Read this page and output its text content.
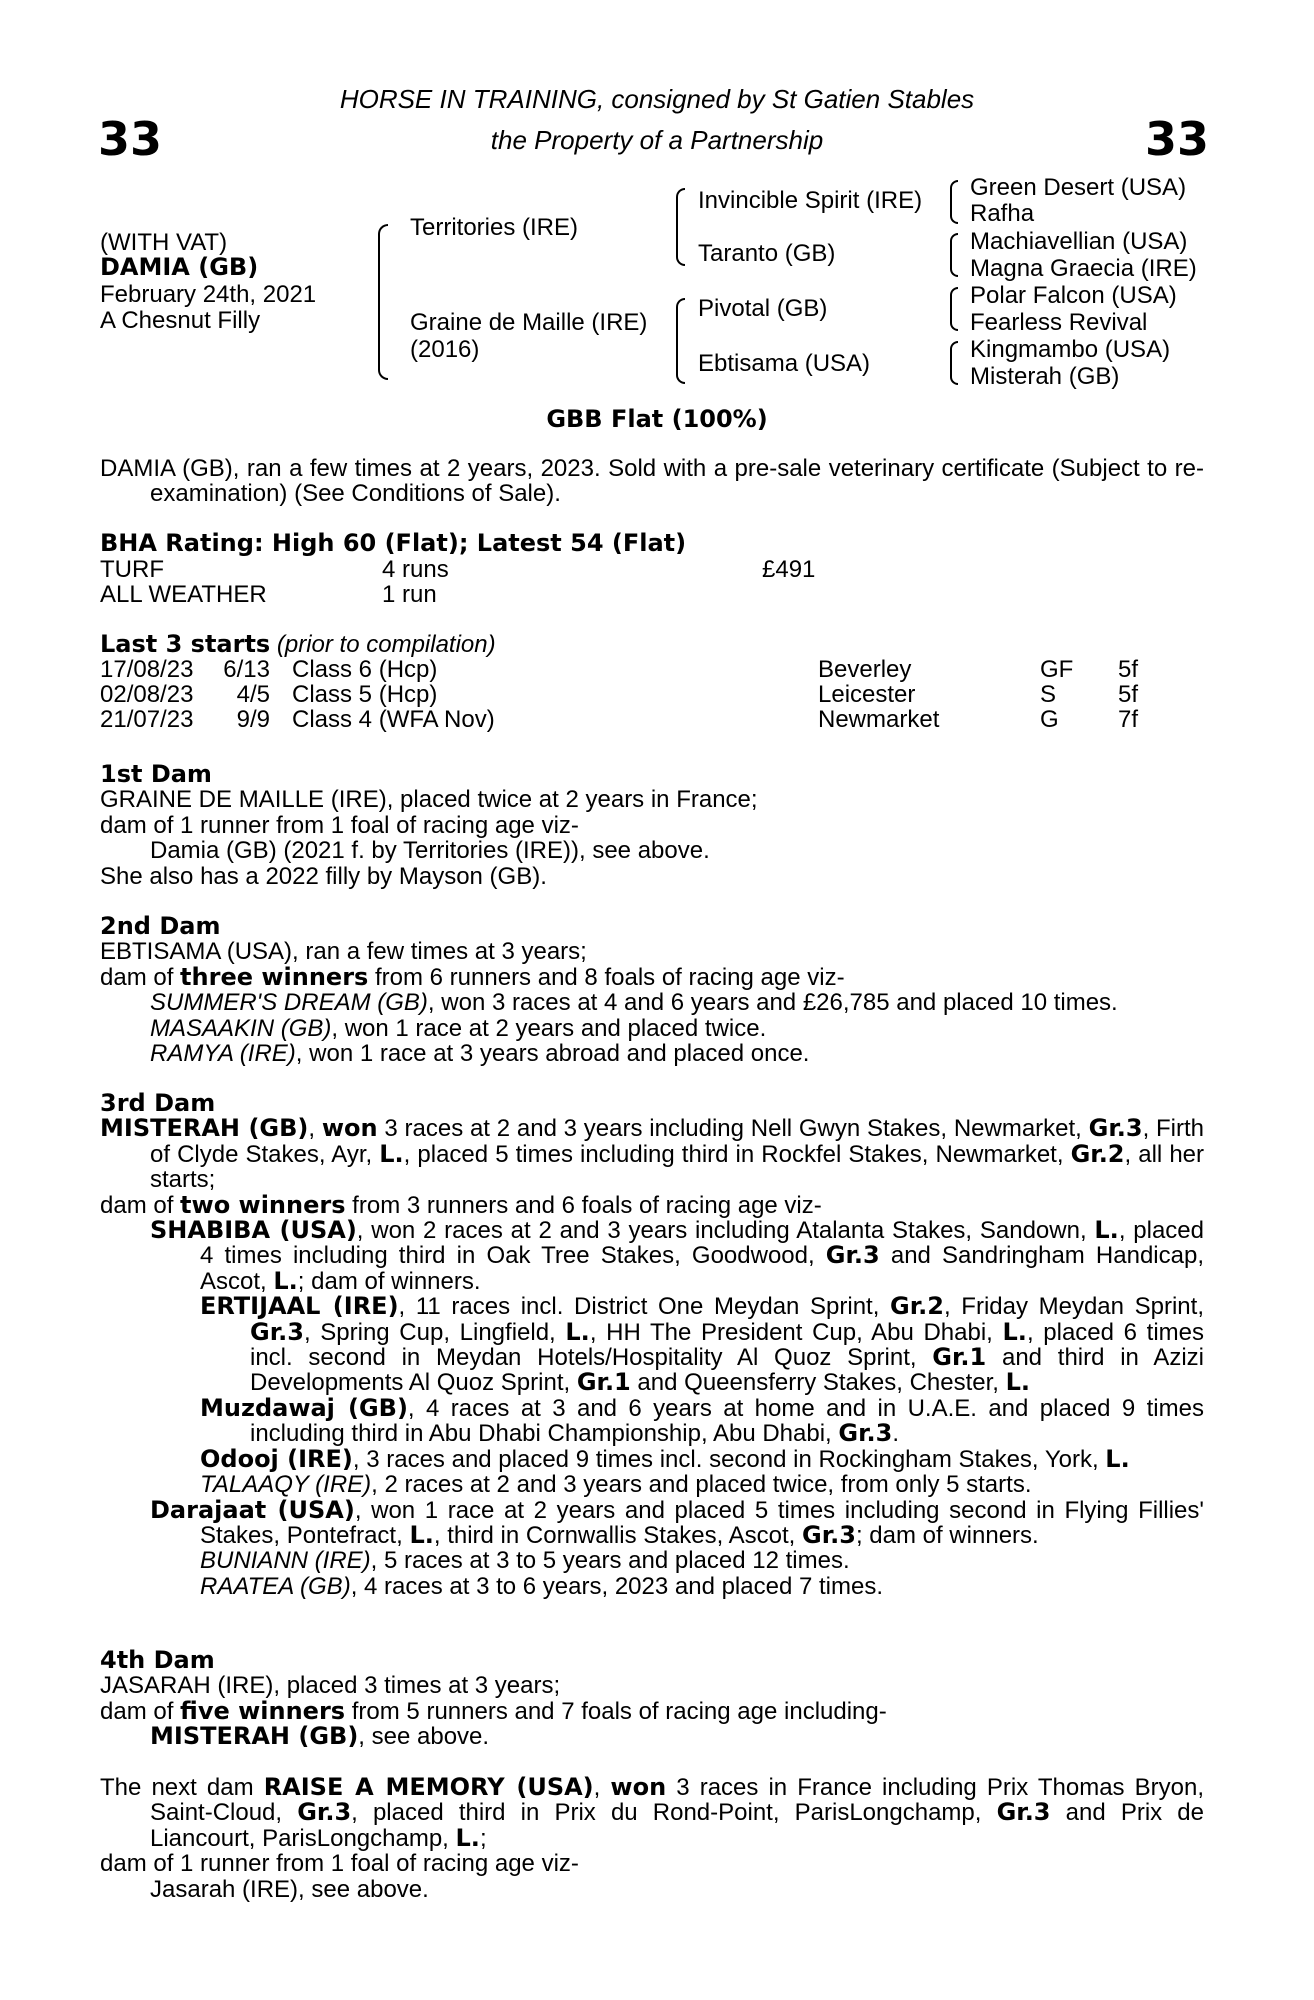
33	33
HORSE IN TRAINING, consigned by St Gatien Stables
the Property of a Partnership
(WITH VAT)
DAMIA (GB)
February 24th, 2021
A Chesnut Filly
Territories (IRE)
Graine de Maille (IRE)
(2016)
Invincible Spirit (IRE)
Taranto (GB)
Pivotal (GB)
Ebtisama (USA)
Green Desert (USA)
Rafha
Machiavellian (USA)
Magna Graecia (IRE)
Polar Falcon (USA)
Fearless Revival
Kingmambo (USA)
Misterah (GB)
GBB Flat (100%)

DAMIA (GB), ran a few times at 2 years, 2023. Sold with a pre-sale veterinary certificate (Subject to re- examination) (See Conditions of Sale).

BHA Rating: High 60 (Flat); Latest 54 (Flat)
TURF	4 runs	£491
ALL WEATHER	1 run
Last 3 starts (prior to compilation)
17/08/23	6/13 Class 6 (Hcp)	Beverley	GF 5f
02/08/23	4/5 Class 5 (Hcp)	Leicester	S	5f
21/07/23	9/9 Class 4 (WFA Nov)	Newmarket	G 7f

1st Dam

GRAINE DE MAILLE (IRE), placed twice at 2 years in France;

dam of 1 runner from 1 foal of racing age viz-

Damia (GB) (2021 f. by Territories (IRE)), see above.

She also has a 2022 filly by Mayson (GB).

2nd Dam

EBTISAMA (USA), ran a few times at 3 years;

dam of three winners from 6 runners and 8 foals of racing age viz-

SUMMER'S DREAM (GB), won 3 races at 4 and 6 years and £26,785 and placed 10 times.

MASAAKIN (GB), won 1 race at 2 years and placed twice.

RAMYA (IRE), won 1 race at 3 years abroad and placed once.

3rd Dam

MISTERAH (GB), won 3 races at 2 and 3 years including Nell Gwyn Stakes, Newmarket, Gr.3, Firth of Clyde Stakes, Ayr, L., placed 5 times including third in Rockfel Stakes, Newmarket, Gr.2, all her starts;

dam of two winners from 3 runners and 6 foals of racing age viz-

SHABIBA (USA), won 2 races at 2 and 3 years including Atalanta Stakes, Sandown, L., placed 4 times including third in Oak Tree Stakes, Goodwood, Gr.3 and Sandringham Handicap, Ascot, L.; dam of winners.

ERTIJAAL (IRE), 11 races incl. District One Meydan Sprint, Gr.2, Friday Meydan Sprint, Gr.3, Spring Cup, Lingfield, L., HH The President Cup, Abu Dhabi, L., placed 6 times incl. second in Meydan Hotels/Hospitality Al Quoz Sprint, Gr.1 and third in Azizi Developments Al Quoz Sprint, Gr.1 and Queensferry Stakes, Chester, L.

Muzdawaj (GB), 4 races at 3 and 6 years at home and in U.A.E. and placed 9 times including third in Abu Dhabi Championship, Abu Dhabi, Gr.3.

Odooj (IRE), 3 races and placed 9 times incl. second in Rockingham Stakes, York, L.

TALAAQY (IRE), 2 races at 2 and 3 years and placed twice, from only 5 starts.

Darajaat (USA), won 1 race at 2 years and placed 5 times including second in Flying Fillies' Stakes, Pontefract, L., third in Cornwallis Stakes, Ascot, Gr.3; dam of winners.

BUNIANN (IRE), 5 races at 3 to 5 years and placed 12 times.

RAATEA (GB), 4 races at 3 to 6 years, 2023 and placed 7 times.

4th Dam

JASARAH (IRE), placed 3 times at 3 years;

dam of five winners from 5 runners and 7 foals of racing age including-

MISTERAH (GB), see above.

The next dam RAISE A MEMORY (USA), won 3 races in France including Prix Thomas Bryon, Saint-Cloud, Gr.3, placed third in Prix du Rond-Point, ParisLongchamp, Gr.3 and Prix de Liancourt, ParisLongchamp, L.;

dam of 1 runner from 1 foal of racing age viz-

Jasarah (IRE), see above.
